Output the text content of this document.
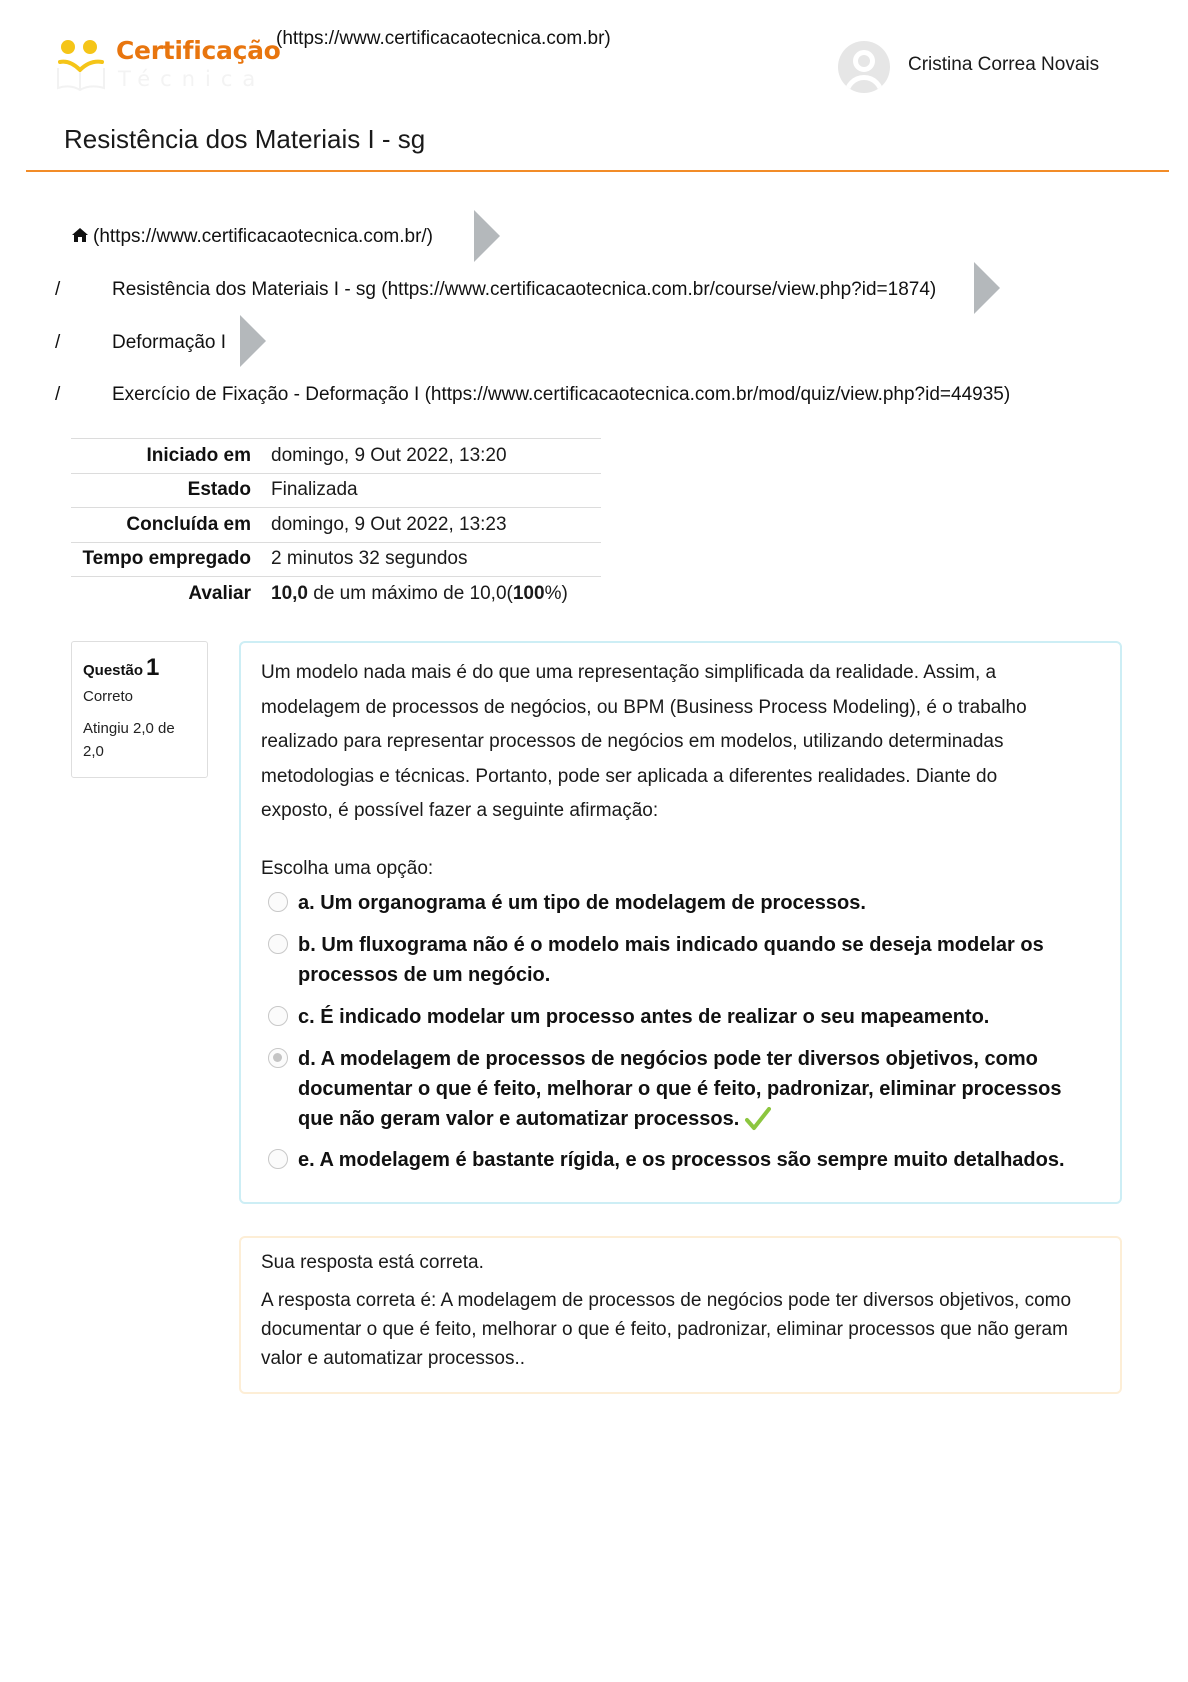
Certificação
Técnica
(https://www.certificacaotecnica.com.br)
Cristina Correa Novais
Resistência dos Materiais I - sg
(https://www.certificacaotecnica.com.br/)
/	Resistência dos Materiais I - sg (https://www.certificacaotecnica.com.br/course/view.php?id=1874)
/	Deformação I
/	Exercício de Fixação - Deformação I (https://www.certificacaotecnica.com.br/mod/quiz/view.php?id=44935)
Iniciado em	domingo, 9 Out 2022, 13:20
Estado	Finalizada
Concluída em	domingo, 9 Out 2022, 13:23
Tempo empregado	2 minutos 32 segundos
Avaliar	10,0 de um máximo de 10,0(100%)
Questão 1
Correto
Atingiu 2,0 de 2,0
Um modelo nada mais é do que uma representação simplificada da realidade. Assim, a modelagem de processos de negócios, ou BPM (Business Process Modeling), é o trabalho realizado para representar processos de negócios em modelos, utilizando determinadas metodologias e técnicas. Portanto, pode ser aplicada a diferentes realidades. Diante do exposto, é possível fazer a seguinte afirmação:
Escolha uma opção:
a. Um organograma é um tipo de modelagem de processos.
b. Um fluxograma não é o modelo mais indicado quando se deseja modelar os processos de um negócio.
c. É indicado modelar um processo antes de realizar o seu mapeamento.
d. A modelagem de processos de negócios pode ter diversos objetivos, como documentar o que é feito, melhorar o que é feito, padronizar, eliminar processos que não geram valor e automatizar processos.
e. A modelagem é bastante rígida, e os processos são sempre muito detalhados.
Sua resposta está correta.
A resposta correta é: A modelagem de processos de negócios pode ter diversos objetivos, como documentar o que é feito, melhorar o que é feito, padronizar, eliminar processos que não geram valor e automatizar processos..
